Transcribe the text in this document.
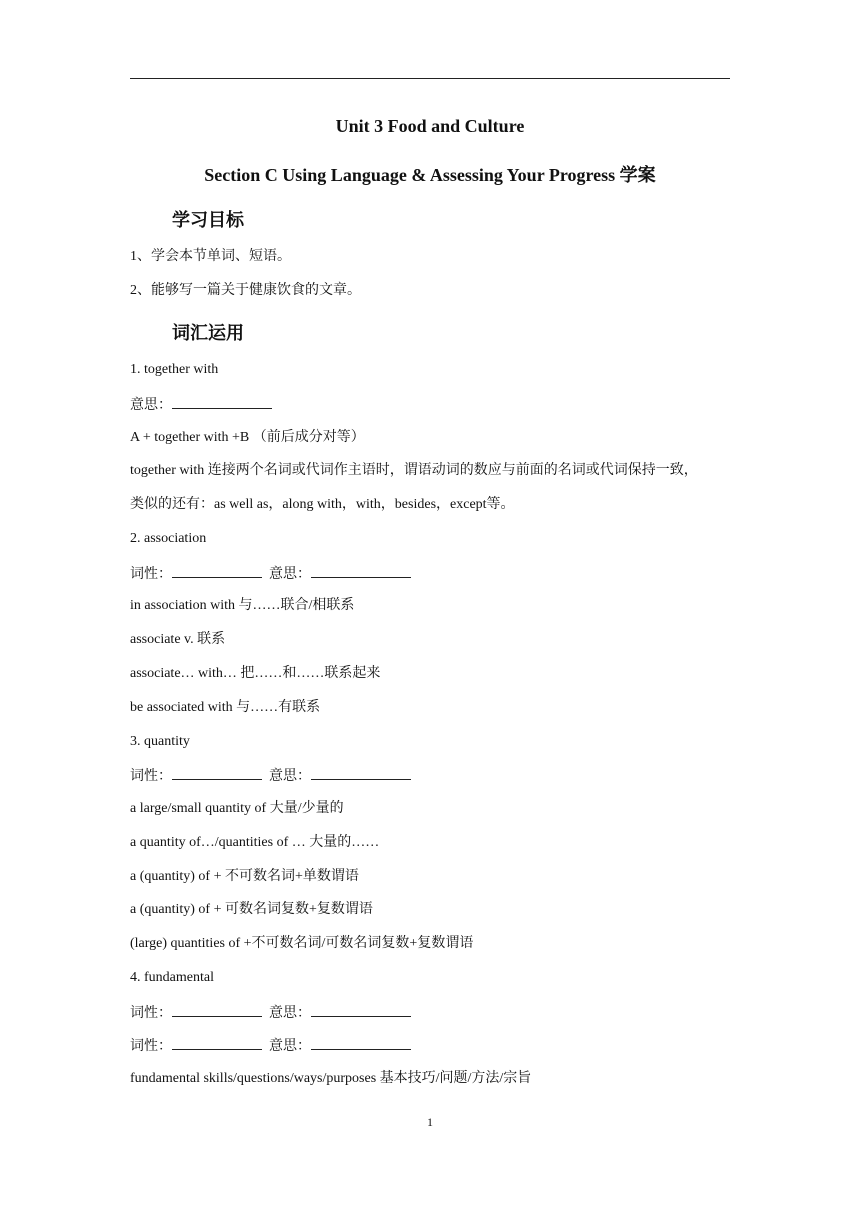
Unit 3 Food and Culture
Section C Using Language & Assessing Your Progress 学案
学习目标
1、学会本节单词、短语。
2、能够写一篇关于健康饮食的文章。
词汇运用
1. together with
意思：
A + together with +B （前后成分对等）
together with 连接两个名词或代词作主语时，谓语动词的数应与前面的名词或代词保持一致，
类似的还有：as well as，along with，with，besides，except等。
2. association
词性：	意思：
in association with 与……联合/相联系
associate v. 联系
associate… with… 把……和……联系起来
be associated with 与……有联系
3. quantity
词性：	意思：
a large/small quantity of 大量/少量的
a quantity of…/quantities of … 大量的……
a (quantity) of + 不可数名词+单数谓语
a (quantity) of + 可数名词复数+复数谓语
(large) quantities of +不可数名词/可数名词复数+复数谓语
4. fundamental
词性：	意思：
词性：	意思：
fundamental skills/questions/ways/purposes 基本技巧/问题/方法/宗旨
1
